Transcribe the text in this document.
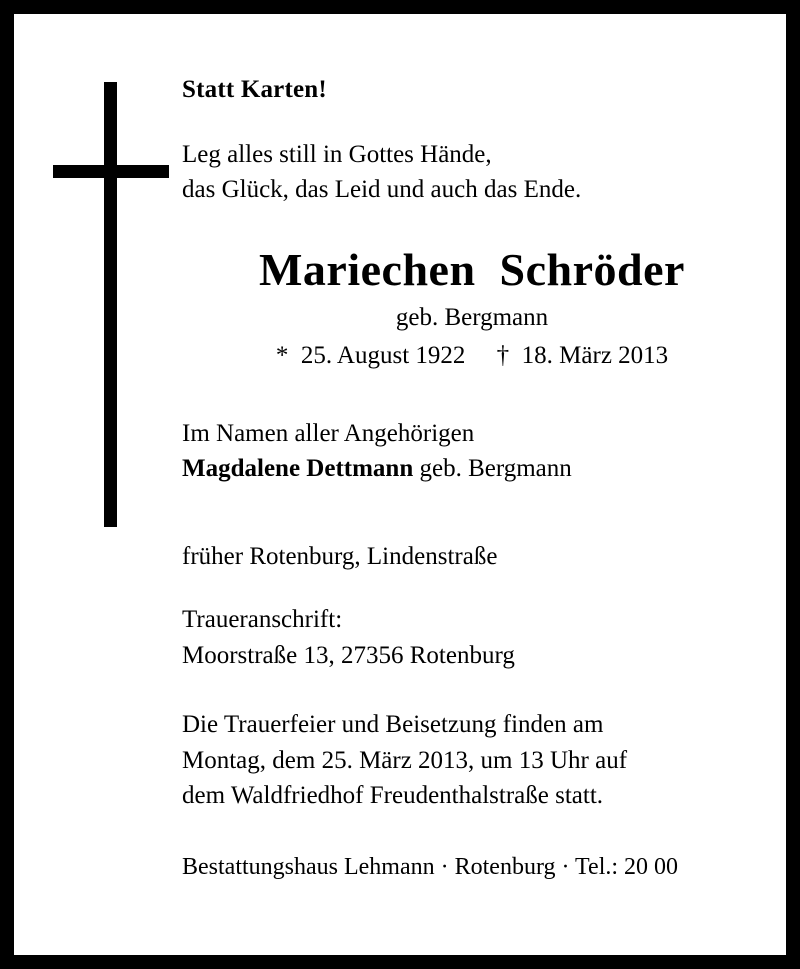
Statt Karten!
Leg alles still in Gottes Hände,
das Glück, das Leid und auch das Ende.
Mariechen  Schröder
geb. Bergmann
*  25. August 1922     †  18. März 2013
Im Namen aller Angehörigen
Magdalene Dettmann geb. Bergmann
früher Rotenburg, Lindenstraße
Traueranschrift:
Moorstraße 13, 27356 Rotenburg
Die Trauerfeier und Beisetzung finden am
Montag, dem 25. März 2013, um 13 Uhr auf
dem Waldfriedhof Freudenthalstraße statt.
Bestattungshaus Lehmann · Rotenburg · Tel.: 20 00
